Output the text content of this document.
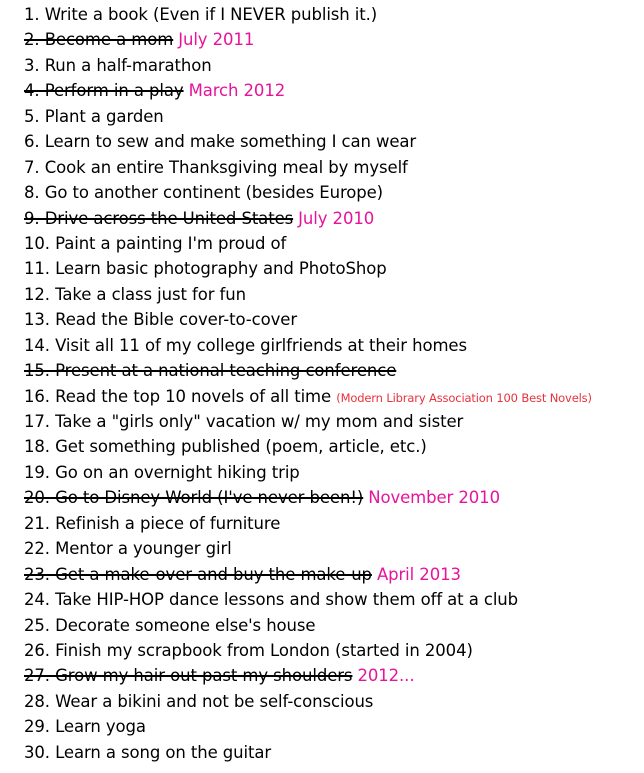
1. Write a book (Even if I NEVER publish it.)
2. Become a mom July 2011
3. Run a half-marathon
4. Perform in a play March 2012
5. Plant a garden
6. Learn to sew and make something I can wear
7. Cook an entire Thanksgiving meal by myself
8. Go to another continent (besides Europe)
9. Drive across the United States July 2010
10. Paint a painting I'm proud of
11. Learn basic photography and PhotoShop
12. Take a class just for fun
13. Read the Bible cover-to-cover
14. Visit all 11 of my college girlfriends at their homes
15. Present at a national teaching conference
16. Read the top 10 novels of all time (Modern Library Association 100 Best Novels)
17. Take a "girls only" vacation w/ my mom and sister
18. Get something published (poem, article, etc.)
19. Go on an overnight hiking trip
20. Go to Disney World (I've never been!) November 2010
21. Refinish a piece of furniture
22. Mentor a younger girl
23. Get a make-over and buy the make-up April 2013
24. Take HIP-HOP dance lessons and show them off at a club
25. Decorate someone else's house
26. Finish my scrapbook from London (started in 2004)
27. Grow my hair out past my shoulders 2012...
28. Wear a bikini and not be self-conscious
29. Learn yoga
30. Learn a song on the guitar
